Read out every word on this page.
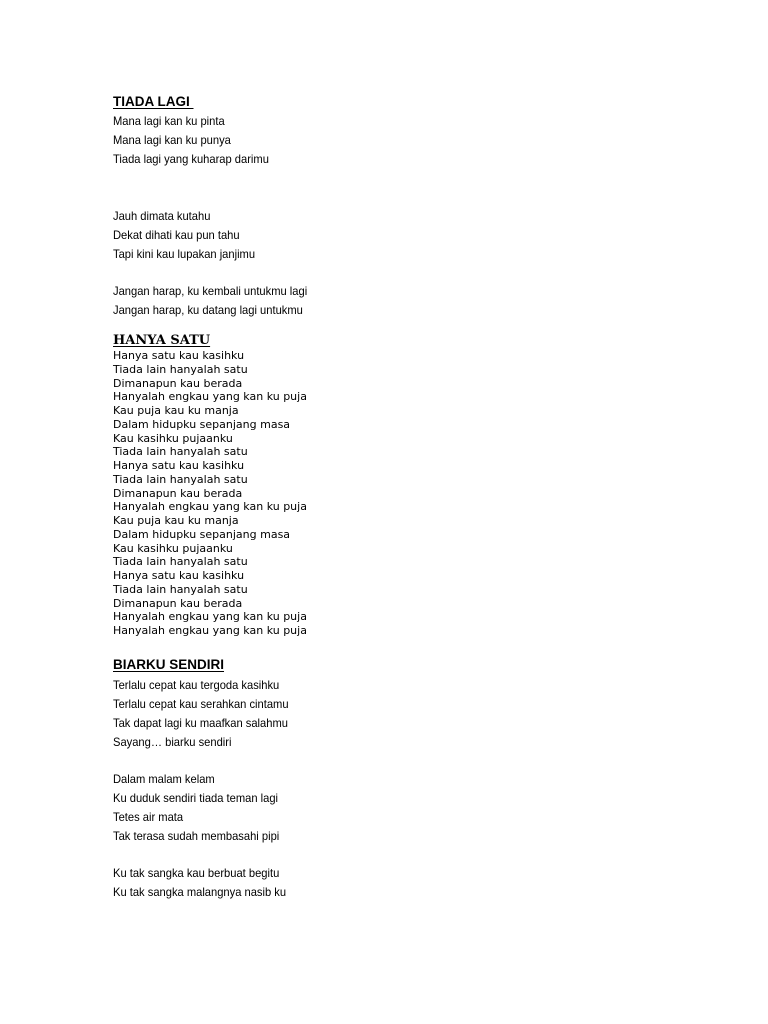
TIADA LAGI
Mana lagi kan ku pinta
Mana lagi kan ku punya
Tiada lagi yang kuharap darimu
Jauh dimata kutahu
Dekat dihati kau pun tahu
Tapi kini kau lupakan janjimu
Jangan harap, ku kembali untukmu lagi
Jangan harap, ku datang lagi untukmu
HANYA SATU
Hanya satu kau kasihku
Tiada lain hanyalah satu
Dimanapun kau berada
Hanyalah engkau yang kan ku puja
Kau puja kau ku manja
Dalam hidupku sepanjang masa
Kau kasihku pujaanku
Tiada lain hanyalah satu
Hanya satu kau kasihku
Tiada lain hanyalah satu
Dimanapun kau berada
Hanyalah engkau yang kan ku puja
Kau puja kau ku manja
Dalam hidupku sepanjang masa
Kau kasihku pujaanku
Tiada lain hanyalah satu
Hanya satu kau kasihku
Tiada lain hanyalah satu
Dimanapun kau berada
Hanyalah engkau yang kan ku puja
Hanyalah engkau yang kan ku puja
BIARKU SENDIRI
Terlalu cepat kau tergoda kasihku
Terlalu cepat kau serahkan cintamu
Tak dapat lagi ku maafkan salahmu
Sayang… biarku sendiri
Dalam malam kelam
Ku duduk sendiri tiada teman lagi
Tetes air mata
Tak terasa sudah membasahi pipi
Ku tak sangka kau berbuat begitu
Ku tak sangka malangnya nasib ku
